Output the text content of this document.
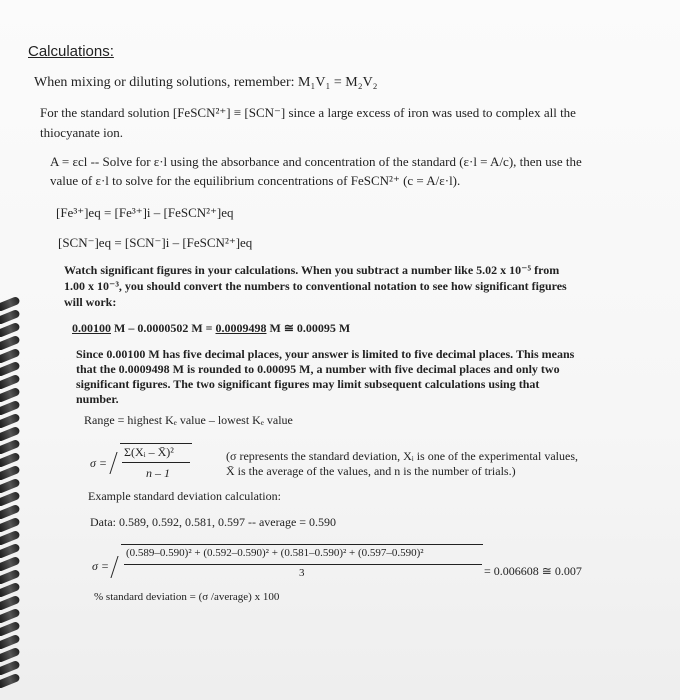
Calculations:
When mixing or diluting solutions, remember: M₁V₁ = M₂V₂
For the standard solution [FeSCN²⁺] ≡ [SCN⁻] since a large excess of iron was used to complex all the
thiocyanate ion.
A = εcl -- Solve for ε·l using the absorbance and concentration of the standard (ε·l = A/c), then use the
value of ε·l to solve for the equilibrium concentrations of FeSCN²⁺ (c = A/ε·l).
[Fe³⁺]eq = [Fe³⁺]i – [FeSCN²⁺]eq
[SCN⁻]eq = [SCN⁻]i – [FeSCN²⁺]eq
Watch significant figures in your calculations. When you subtract a number like 5.02 x 10⁻⁵ from
1.00 x 10⁻³, you should convert the numbers to conventional notation to see how significant figures
will work:
0.00100 M – 0.0000502 M = 0.0009498 M ≅ 0.00095 M
Since 0.00100 M has five decimal places, your answer is limited to five decimal places. This means
that the 0.0009498 M is rounded to 0.00095 M, a number with five decimal places and only two
significant figures. The two significant figures may limit subsequent calculations using that
number.
Range = highest Kₑ value – lowest Kₑ value
σ =
Σ(Xᵢ – X̄)²
n – 1
(σ represents the standard deviation, Xᵢ is one of the experimental values,
X̄ is the average of the values, and n is the number of trials.)
Example standard deviation calculation:
Data: 0.589, 0.592, 0.581, 0.597 -- average = 0.590
σ =
(0.589–0.590)² + (0.592–0.590)² + (0.581–0.590)² + (0.597–0.590)²
3	= 0.006608 ≅ 0.007
% standard deviation = (σ /average) x 100
